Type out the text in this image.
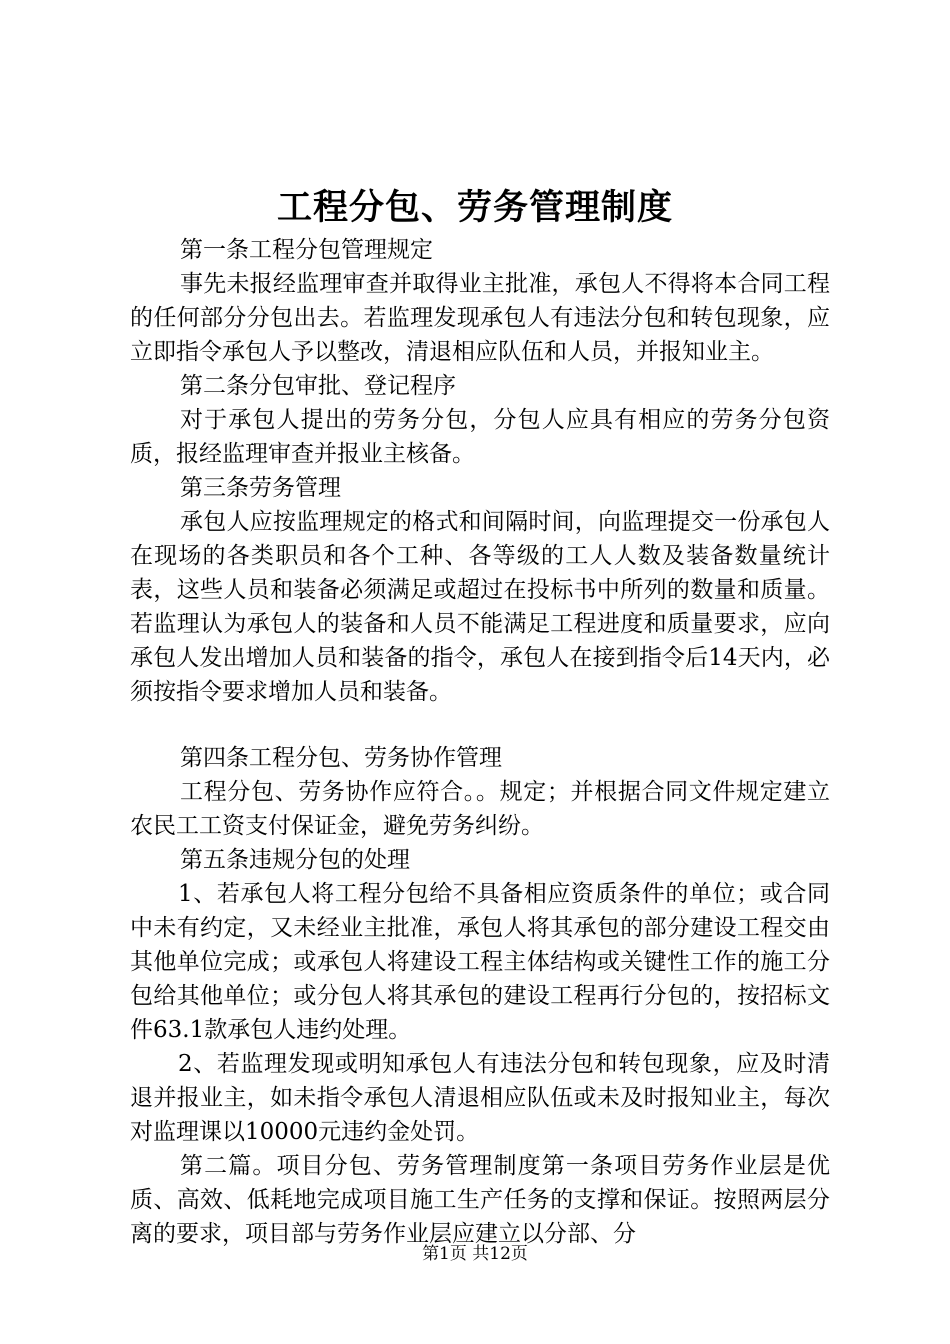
工程分包、劳务管理制度

第一条工程分包管理规定

事先未报经监理审查并取得业主批准，承包人不得将本合同工程的任何部分分包出去。若监理发现承包人有违法分包和转包现象，应立即指令承包人予以整改，清退相应队伍和人员，并报知业主。

第二条分包审批、登记程序

对于承包人提出的劳务分包，分包人应具有相应的劳务分包资质，报经监理审查并报业主核备。

第三条劳务管理

承包人应按监理规定的格式和间隔时间，向监理提交一份承包人在现场的各类职员和各个工种、各等级的工人人数及装备数量统计表，这些人员和装备必须满足或超过在投标书中所列的数量和质量。若监理认为承包人的装备和人员不能满足工程进度和质量要求，应向承包人发出增加人员和装备的指令，承包人在接到指令后14天内，必须按指令要求增加人员和装备。

第四条工程分包、劳务协作管理

工程分包、劳务协作应符合。。规定；并根据合同文件规定建立农民工工资支付保证金，避免劳务纠纷。

第五条违规分包的处理

1、若承包人将工程分包给不具备相应资质条件的单位；或合同中未有约定，又未经业主批准，承包人将其承包的部分建设工程交由其他单位完成；或承包人将建设工程主体结构或关键性工作的施工分包给其他单位；或分包人将其承包的建设工程再行分包的，按招标文件63.1款承包人违约处理。

2、若监理发现或明知承包人有违法分包和转包现象，应及时清退并报业主，如未指令承包人清退相应队伍或未及时报知业主，每次对监理课以10000元违约金处罚。

第二篇。项目分包、劳务管理制度第一条项目劳务作业层是优质、高效、低耗地完成项目施工生产任务的支撑和保证。按照两层分离的要求，项目部与劳务作业层应建立以分部、分

第1页 共12页
